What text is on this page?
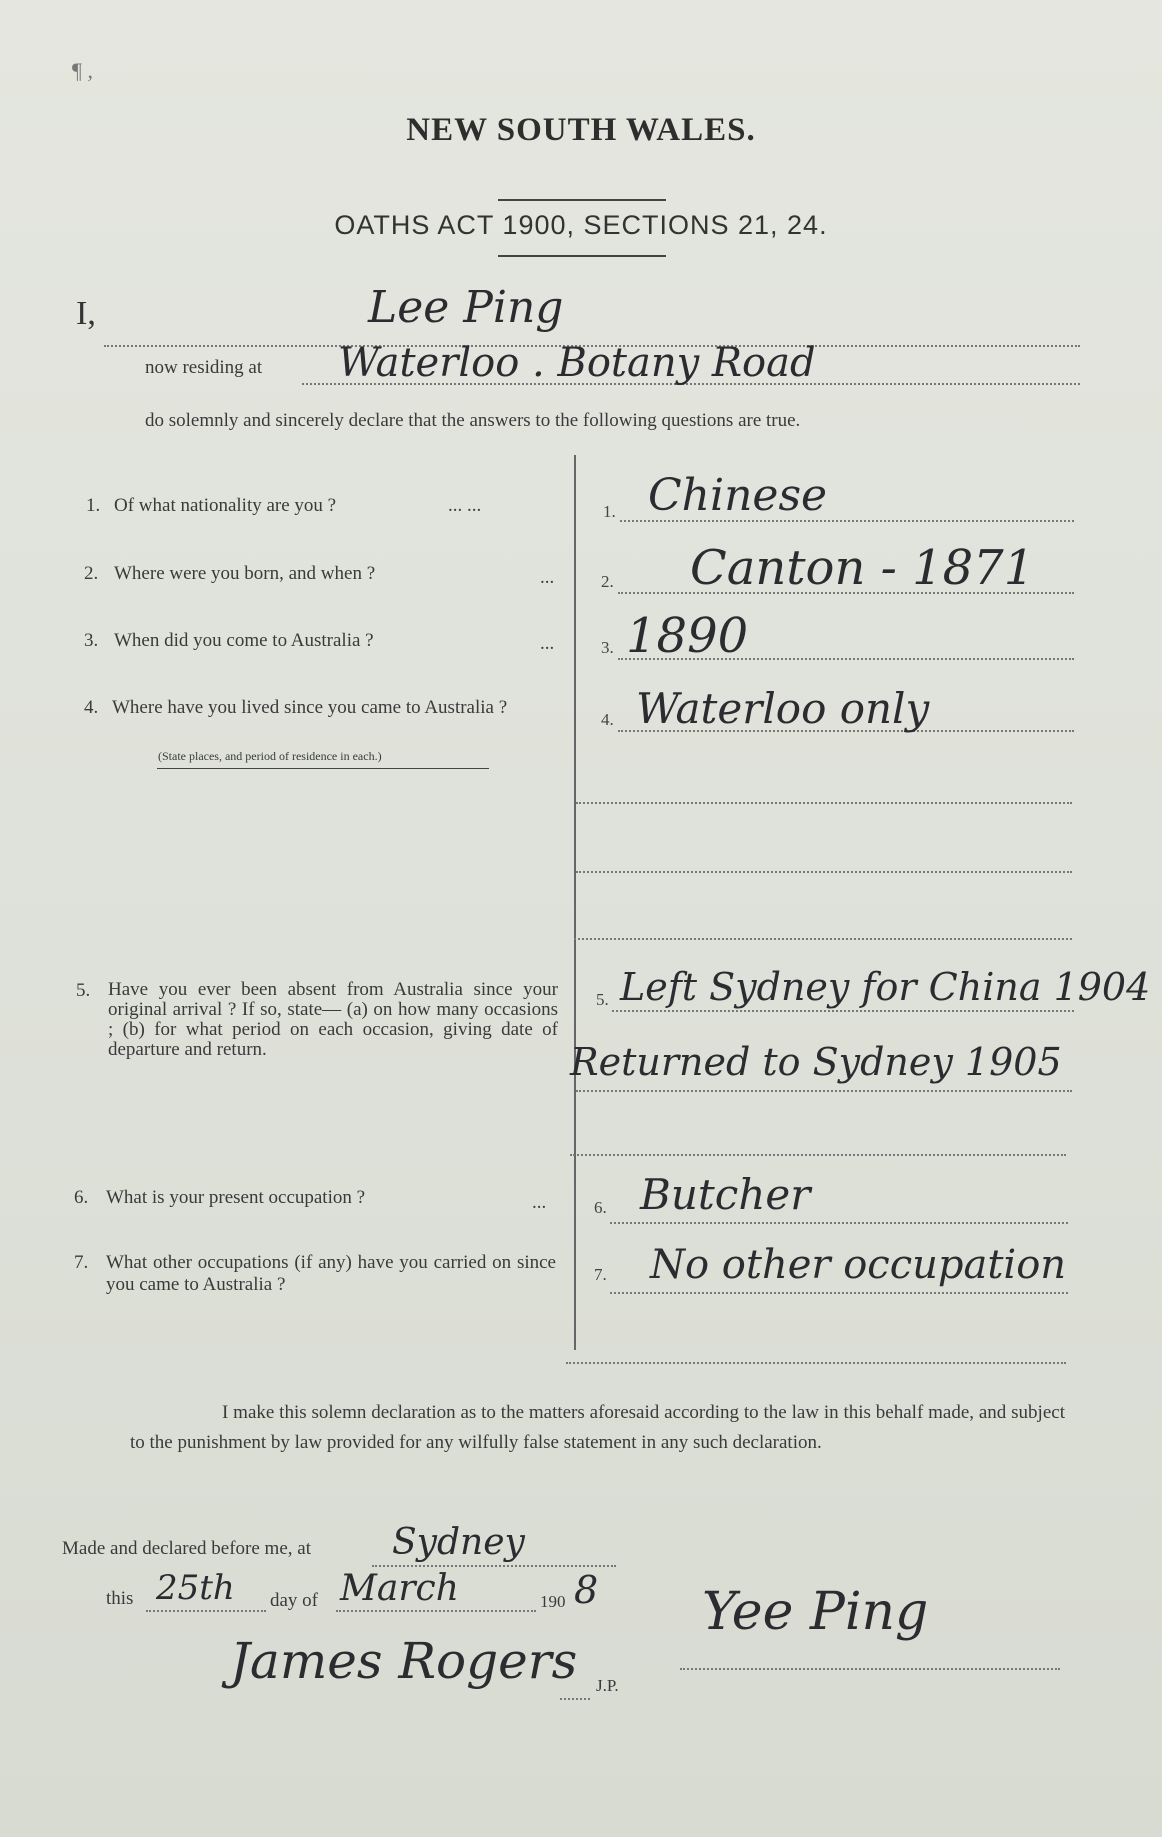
¶ ,
NEW SOUTH WALES.
OATHS ACT 1900, SECTIONS 21, 24.
I,	Lee Ping
now residing at Waterloo . Botany Road
do solemnly and sincerely declare that the answers to the following questions are true.
1. Of what nationality are you ?	... ...	1. Chinese
2. Where were you born, and when ?	...	2. Canton - 1871
3. When did you come to Australia ?	...	3. 1890
4. Where have you lived since you came to Australia ?
(State places, and period of residence in each.)
4. Waterloo only
5. Have you ever been absent from Australia since your original arrival ? If so, state— (a) on how many occasions ; (b) for what period on each occasion, giving date of departure and return.
5. Left Sydney for China 1904
Returned to Sydney 1905
6. What is your present occupation ?	...	6. Butcher
7. What other occupations (if any) have you carried on since you came to Australia ?	7. No other occupation
I make this solemn declaration as to the matters aforesaid according to the law in this behalf made, and subject to the punishment by law provided for any wilfully false statement in any such declaration.
Made and declared before me, at Sydney
this 25th day of March	190 8
James Rogers J.P.
Yee Ping
